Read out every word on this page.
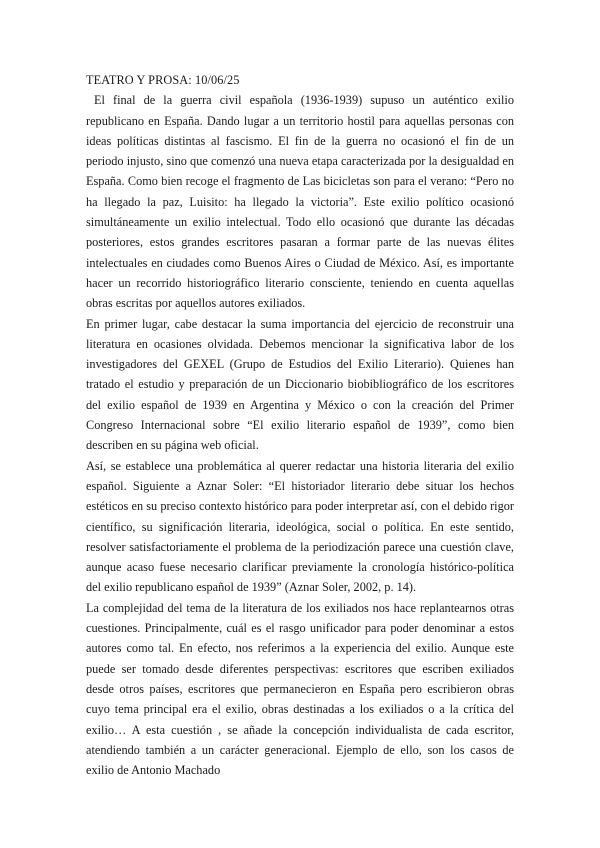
TEATRO Y PROSA: 10/06/25

El final de la guerra civil española (1936-1939) supuso un auténtico exilio republicano en España. Dando lugar a un territorio hostil para aquellas personas con ideas políticas distintas al fascismo. El fin de la guerra no ocasionó el fin de un periodo injusto, sino que comenzó una nueva etapa caracterizada por la desigualdad en España. Como bien recoge el fragmento de Las bicicletas son para el verano: “Pero no ha llegado la paz, Luisito: ha llegado la victoria”. Este exilio político ocasionó simultáneamente un exilio intelectual. Todo ello ocasionó que durante las décadas posteriores, estos grandes escritores pasaran a formar parte de las nuevas élites intelectuales en ciudades como Buenos Aires o Ciudad de México. Así, es importante hacer un recorrido historiográfico literario consciente, teniendo en cuenta aquellas obras escritas por aquellos autores exiliados.

En primer lugar, cabe destacar la suma importancia del ejercicio de reconstruir una literatura en ocasiones olvidada. Debemos mencionar la significativa labor de los investigadores del GEXEL (Grupo de Estudios del Exilio Literario). Quienes han tratado el estudio y preparación de un Diccionario biobibliográfico de los escritores del exilio español de 1939 en Argentina y México o con la creación del Primer Congreso Internacional sobre “El exilio literario español de 1939”, como bien describen en su página web oficial.

Así, se establece una problemática al querer redactar una historia literaria del exilio español. Siguiente a Aznar Soler: “El historiador literario debe situar los hechos estéticos en su preciso contexto histórico para poder interpretar así, con el debido rigor científico, su significación literaria, ideológica, social o política. En este sentido, resolver satisfactoriamente el problema de la periodización parece una cuestión clave, aunque acaso fuese necesario clarificar previamente la cronología histórico-política del exilio republicano español de 1939” (Aznar Soler, 2002, p. 14).

La complejidad del tema de la literatura de los exiliados nos hace replantearnos otras cuestiones. Principalmente, cuál es el rasgo unificador para poder denominar a estos autores como tal. En efecto, nos referimos a la experiencia del exilio. Aunque este puede ser tomado desde diferentes perspectivas: escritores que escriben exiliados desde otros países, escritores que permanecieron en España pero escribieron obras cuyo tema principal era el exilio, obras destinadas a los exiliados o a la crítica del exilio… A esta cuestión , se añade la concepción individualista de cada escritor, atendiendo también a un carácter generacional. Ejemplo de ello, son los casos de exilio de Antonio Machado
